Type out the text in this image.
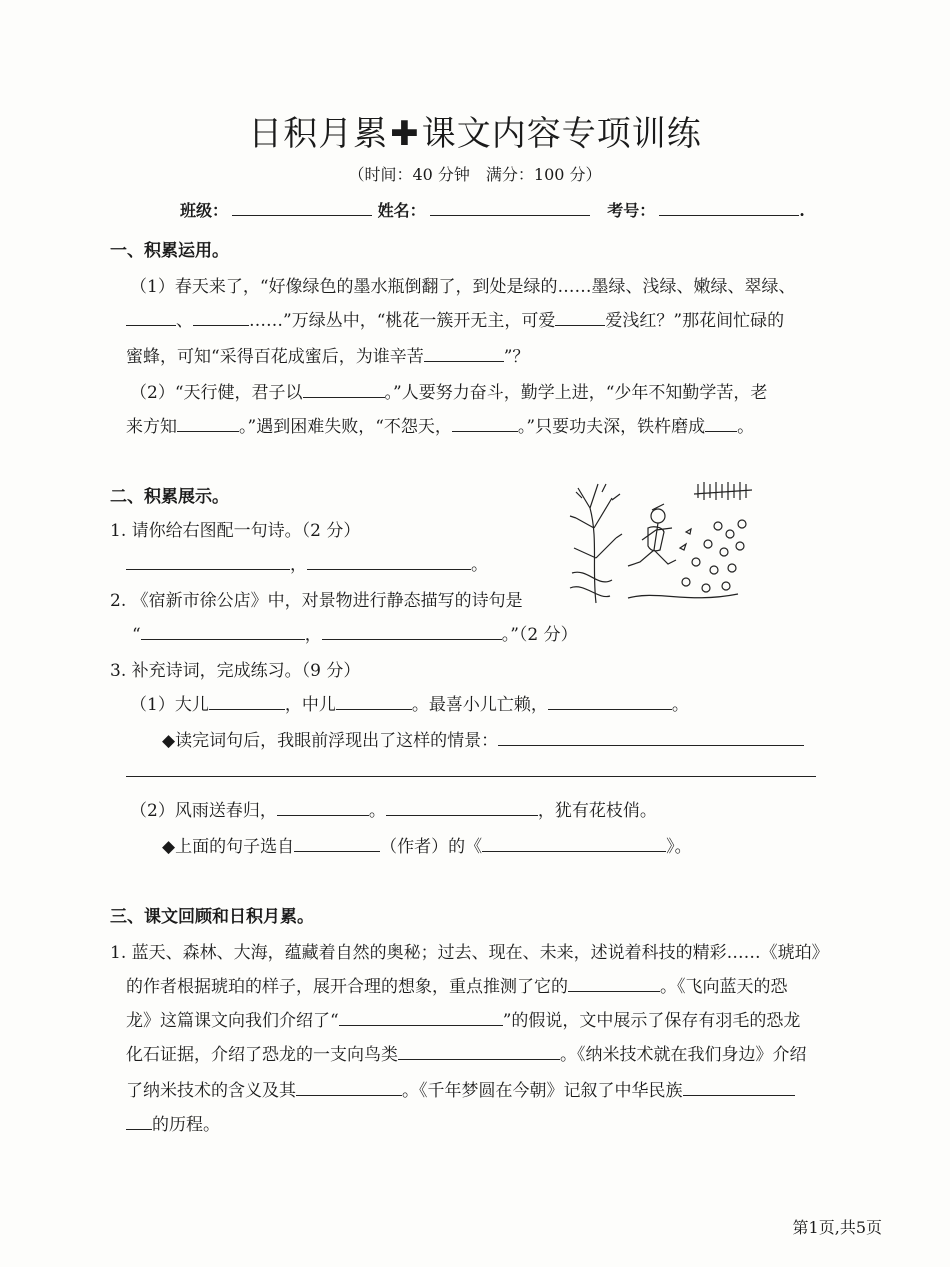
日积月累✚课文内容专项训练
（时间：40 分钟　满分：100 分）
班级：	姓名：	考号：	.
一、积累运用。
（1）春天来了，“好像绿色的墨水瓶倒翻了，到处是绿的……墨绿、浅绿、嫩绿、翠绿、
、	……”万绿丛中，“桃花一簇开无主，可爱	爱浅红？”那花间忙碌的
蜜蜂，可知“采得百花成蜜后，为谁辛苦	”？
（2）“天行健，君子以	。”人要努力奋斗，勤学上进，“少年不知勤学苦，老
来方知	。”遇到困难失败，“不怨天，	。”只要功夫深，铁杵磨成 。
二、积累展示。
1. 请你给右图配一句诗。（2 分）
，	。
2. 《宿新市徐公店》中，对景物进行静态描写的诗句是
“	，	。”（2 分）
3. 补充诗词，完成练习。（9 分）
（1）大儿	，中儿	。最喜小儿亡赖，	。
◆读完词句后，我眼前浮现出了这样的情景：
（2）风雨送春归，	。	，犹有花枝俏。
◆上面的句子选自	（作者）的《	》。
三、课文回顾和日积月累。
1. 蓝天、森林、大海，蕴藏着自然的奥秘；过去、现在、未来，述说着科技的精彩……《琥珀》
的作者根据琥珀的样子，展开合理的想象，重点推测了它的	。《飞向蓝天的恐
龙》这篇课文向我们介绍了“	”的假说，文中展示了保存有羽毛的恐龙
化石证据，介绍了恐龙的一支向鸟类	。《纳米技术就在我们身边》介绍
了纳米技术的含义及其	。《千年梦圆在今朝》记叙了中华民族
的历程。
第1页,共5页
